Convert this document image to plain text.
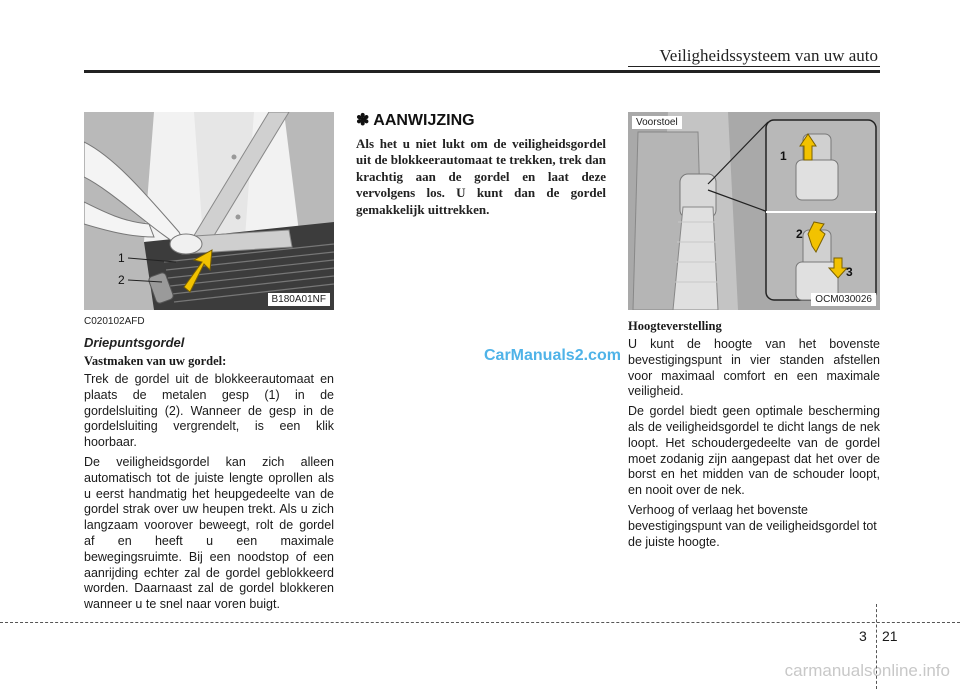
Veiligheidssysteem van uw auto
1
2
B180A01NF
C020102AFD
Driepuntsgordel
Vastmaken van uw gordel:

Trek de gordel uit de blokkeerautomaat en plaats de metalen gesp (1) in de gordelsluiting (2). Wanneer de gesp in de gordelsluiting vergrendelt, is een klik hoorbaar.

De veiligheidsgordel kan zich alleen automatisch tot de juiste lengte oprollen als u eerst handmatig het heupgedeelte van de gordel strak over uw heupen trekt. Als u zich langzaam voorover beweegt, rolt de gordel af en heeft u een maximale bewegingsruimte. Bij een noodstop of een aanrijding echter zal de gordel geblokkeerd worden. Daarnaast zal de gordel blokkeren wanneer u te snel naar voren buigt.

✽ AANWIJZING

Als het u niet lukt om de veiligheidsgordel uit de blokkeerautomaat te trekken, trek dan krachtig aan de gordel en laat deze vervolgens los. U kunt dan de gordel gemakkelijk uittrekken.

1
2
3
Voorstoel
OCM030026
Hoogteverstelling

U kunt de hoogte van het bovenste bevestigingspunt in vier standen afstellen voor maximaal comfort en een maximale veiligheid.

De gordel biedt geen optimale bescherming als de veiligheidsgordel te dicht langs de nek loopt. Het schoudergedeelte van de gordel moet zodanig zijn aangepast dat het over de borst en het midden van de schouder loopt, en nooit over de nek.

Verhoog of verlaag het bovenste bevestigingspunt van de veiligheidsgordel tot de juiste hoogte.

CarManuals2.com
carmanualsonline.info
3 21
